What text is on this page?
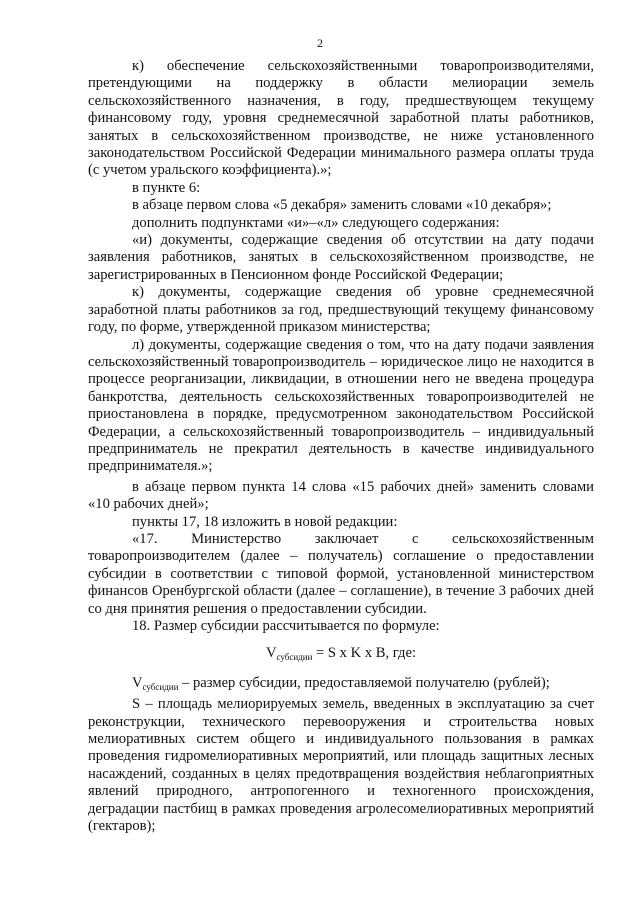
2

к) обеспечение сельскохозяйственными товаропроизводителями, претендующими на поддержку в области мелиорации земель сельскохозяйственного назначения, в году, предшествующем текущему финансовому году, уровня среднемесячной заработной платы работников, занятых в сельскохозяйственном производстве, не ниже установленного законодательством Российской Федерации минимального размера оплаты труда (с учетом уральского коэффициента).»;

в пункте 6:

в абзаце первом слова «5 декабря» заменить словами «10 декабря»;

дополнить подпунктами «и»–«л» следующего содержания:

«и) документы, содержащие сведения об отсутствии на дату подачи заявления работников, занятых в сельскохозяйственном производстве, не зарегистрированных в Пенсионном фонде Российской Федерации;

к) документы, содержащие сведения об уровне среднемесячной заработной платы работников за год, предшествующий текущему финансовому году, по форме, утвержденной приказом министерства;

л) документы, содержащие сведения о том, что на дату подачи заявления сельскохозяйственный товаропроизводитель – юридическое лицо не находится в процессе реорганизации, ликвидации, в отношении него не введена процедура банкротства, деятельность сельскохозяйственных товаропроизводителей не приостановлена в порядке, предусмотренном законодательством Российской Федерации, а сельскохозяйственный товаропроизводитель – индивидуальный предприниматель не прекратил деятельность в качестве индивидуального предпринимателя.»;

в абзаце первом пункта 14 слова «15 рабочих дней» заменить словами «10 рабочих дней»;

пункты 17, 18 изложить в новой редакции:

«17. Министерство заключает с сельскохозяйственным товаропроизводителем (далее – получатель) соглашение о предоставлении субсидии в соответствии с типовой формой, установленной министерством финансов Оренбургской области (далее – соглашение), в течение 3 рабочих дней со дня принятия решения о предоставлении субсидии.

18. Размер субсидии рассчитывается по формуле:

$V_{субсидии} = S$ x K x B, где:

$V_{субсидии}$ – размер субсидии, предоставляемой получателю (рублей);

S – площадь мелиорируемых земель, введенных в эксплуатацию за счет реконструкции, технического перевооружения и строительства новых мелиоративных систем общего и индивидуального пользования в рамках проведения гидромелиоративных мероприятий, или площадь защитных лесных насаждений, созданных в целях предотвращения воздействия неблагоприятных явлений природного, антропогенного и техногенного происхождения, деградации пастбищ в рамках проведения агролесомелиоративных мероприятий (гектаров);
